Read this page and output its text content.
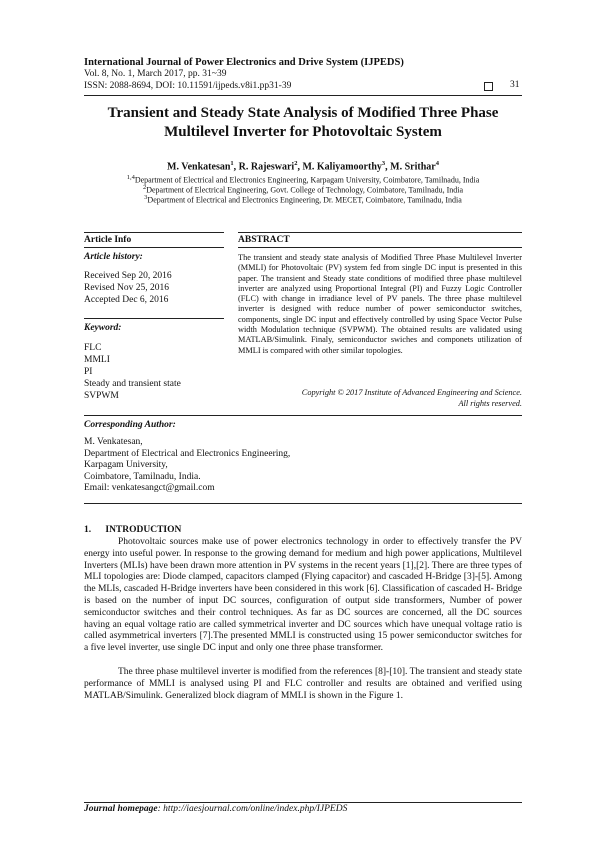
International Journal of Power Electronics and Drive System (IJPEDS)
Vol. 8, No. 1, March 2017, pp. 31~39
ISSN: 2088-8694, DOI: 10.11591/ijpeds.v8i1.pp31-39	31
Transient and Steady State Analysis of Modified Three Phase
Multilevel Inverter for Photovoltaic System
M. Venkatesan$^1$, R. Rajeswari$^2$, M. Kaliyamoorthy$^3$, M. Srithar$^4$
$^{1,4}$Department of Electrical and Electronics Engineering, Karpagam University, Coimbatore, Tamilnadu, India
$^2$Department of Electrical Engineering, Govt. College of Technology, Coimbatore, Tamilnadu, India
$^3$Department of Electrical and Electronics Engineering, Dr. MECET, Coimbatore, Tamilnadu, India
Article Info
Article history:
Received Sep 20, 2016
Revised Nov 25, 2016
Accepted Dec 6, 2016
Keyword:
FLC
MMLI
PI
Steady and transient state
SVPWM
ABSTRACT
The transient and steady state analysis of Modified Three Phase Multilevel Inverter (MMLI) for Photovoltaic (PV) system fed from single DC input is presented in this paper. The transient and Steady state conditions of modified three phase multilevel inverter are analyzed using Proportional Integral (PI) and Fuzzy Logic Controller (FLC) with change in irradiance level of PV panels. The three phase multilevel inverter is designed with reduce number of power semiconductor switches, components, single DC input and effectively controlled by using Space Vector Pulse width Modulation technique (SVPWM). The obtained results are validated using MATLAB/Simulink. Finaly, semiconductor swiches and componets utilization of MMLI is compared with other similar topologies.
Copyright © 2017 Institute of Advanced Engineering and Science.
All rights reserved.
Corresponding Author:
M. Venkatesan,
Department of Electrical and Electronics Engineering,
Karpagam University,
Coimbatore, Tamilnadu, India.
Email: venkatesangct@gmail.com
1.      INTRODUCTION
Photovoltaic sources make use of power electronics technology in order to effectively transfer the PV energy into useful power. In response to the growing demand for medium and high power applications, Multilevel Inverters (MLIs) have been drawn more attention in PV systems in the recent years [1],[2]. There are three types of MLI topologies are: Diode clamped, capacitors clamped (Flying capacitor) and cascaded H-Bridge [3]-[5]. Among the MLIs, cascaded H-Bridge inverters have been considered in this work [6]. Classification of cascaded H- Bridge is based on the number of input DC sources, configuration of output side transformers, Number of power semiconductor switches and their control techniques. As far as DC sources are concerned, all the DC sources having an equal voltage ratio are called symmetrical inverter and DC sources which have unequal voltage ratio is called asymmetrical inverters [7].The presented MMLI is constructed using 15 power semiconductor switches for a five level inverter, use single DC input and only one three phase transformer.
The three phase multilevel inverter is modified from the references [8]-[10]. The transient and steady state performance of MMLI is analysed using PI and FLC controller and results are obtained and verified using MATLAB/Simulink. Generalized block diagram of MMLI is shown in the Figure 1.
Journal homepage: http://iaesjournal.com/online/index.php/IJPEDS
